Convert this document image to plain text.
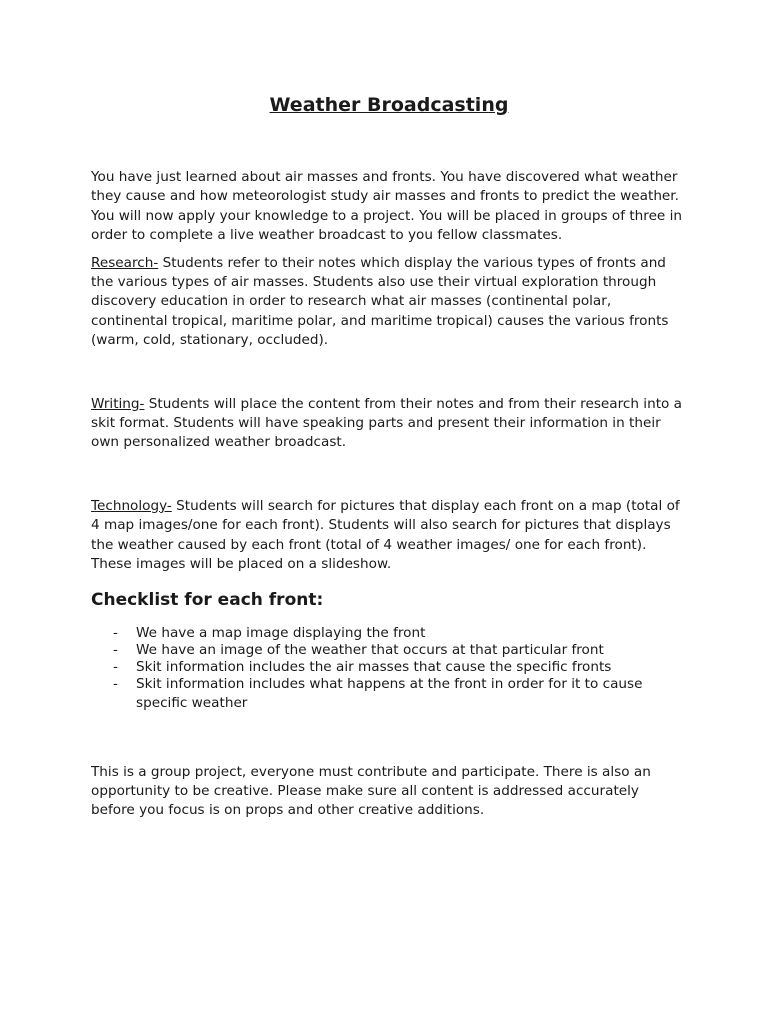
Weather Broadcasting

You have just learned about air masses and fronts. You have discovered what weather they cause and how meteorologist study air masses and fronts to predict the weather. You will now apply your knowledge to a project. You will be placed in groups of three in order to complete a live weather broadcast to you fellow classmates.

Research- Students refer to their notes which display the various types of fronts and the various types of air masses. Students also use their virtual exploration through discovery education in order to research what air masses (continental polar, continental tropical, maritime polar, and maritime tropical) causes the various fronts (warm, cold, stationary, occluded).

Writing- Students will place the content from their notes and from their research into a skit format. Students will have speaking parts and present their information in their own personalized weather broadcast.

Technology- Students will search for pictures that display each front on a map (total of 4 map images/one for each front). Students will also search for pictures that displays the weather caused by each front (total of 4 weather images/ one for each front). These images will be placed on a slideshow.

Checklist for each front:
- We have a map image displaying the front
- We have an image of the weather that occurs at that particular front
- Skit information includes the air masses that cause the specific fronts
- Skit information includes what happens at the front in order for it to cause
specific weather

This is a group project, everyone must contribute and participate. There is also an opportunity to be creative. Please make sure all content is addressed accurately before you focus is on props and other creative additions.
